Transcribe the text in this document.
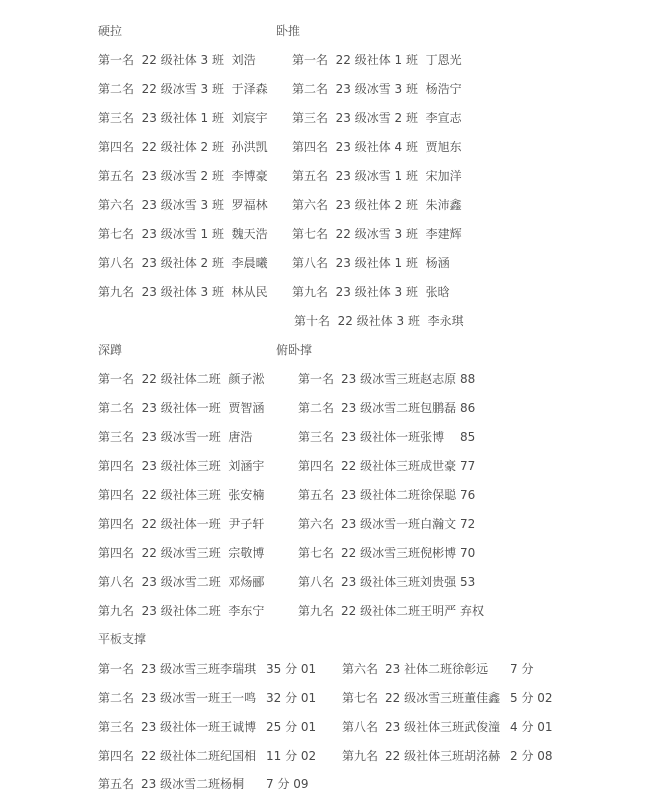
硬拉
第一名  22 级社体 3 班  刘浩
第二名  22 级冰雪 3 班  于泽森
第三名  23 级社体 1 班  刘宸宇
第四名  22 级社体 2 班  孙洪凯
第五名  23 级冰雪 2 班  李博豪
第六名  23 级冰雪 3 班  罗福林
第七名  23 级冰雪 1 班  魏天浩
第八名  23 级社体 2 班  李晨曦
第九名  23 级社体 3 班  林从民
卧推
第一名  22 级社体 1 班  丁恩光
第二名  23 级冰雪 3 班  杨浩宁
第三名  23 级冰雪 2 班  李宣志
第四名  23 级社体 4 班  贾旭东
第五名  23 级冰雪 1 班  宋加洋
第六名  23 级社体 2 班  朱沛鑫
第七名  22 级冰雪 3 班  李建辉
第八名  23 级社体 1 班  杨涵
第九名  23 级社体 3 班  张晗
第十名  22 级社体 3 班  李永琪
深蹲
第一名  22 级社体二班  颜子淞
第二名  23 级社体一班  贾智涵
第三名  23 级冰雪一班  唐浩
第四名  23 级社体三班  刘涵宇
第四名  22 级社体三班  张安楠
第四名  22 级社体一班  尹子轩
第四名  22 级冰雪三班  宗敬博
第八名  23 级冰雪二班  邓炀郦
第九名  23 级社体二班  李东宁
俯卧撑
第一名 23 级冰雪三班赵志原 88
第二名 23 级冰雪二班包鹏磊 86
第三名 23 级社体一班张博 85
第四名 22 级社体三班成世豪 77
第五名 23 级社体二班徐保聪 76
第六名 23 级冰雪一班白瀚文 72
第七名 22 级冰雪三班倪彬博 70
第八名 23 级社体三班刘贵强 53
第九名 22 级社体二班王明严 弃权
平板支撑
第一名 23 级冰雪三班李瑞琪 35 分 01
第二名 23 级冰雪一班王一鸣 32 分 01
第三名 23 级社体一班王诚博 25 分 01
第四名 22 级社体二班纪国相 11 分 02
第五名 23 级冰雪二班杨桐 7 分 09
第六名 23 社体二班徐彰远 7 分
第七名 22 级冰雪三班董佳鑫 5 分 02
第八名 23 级社体三班武俊潼 4 分 01
第九名 22 级社体三班胡洺赫 2 分 08
